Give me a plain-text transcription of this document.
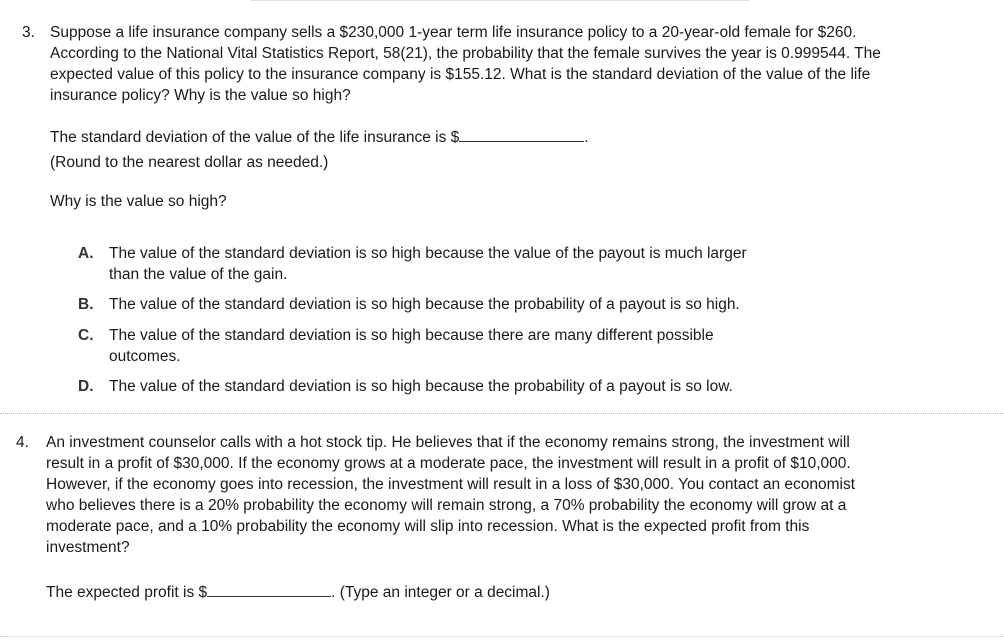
3. Suppose a life insurance company sells a $230,000 1-year term life insurance policy to a 20-year-old female for $260.
According to the National Vital Statistics Report, 58(21), the probability that the female survives the year is 0.999544. The
expected value of this policy to the insurance company is $155.12. What is the standard deviation of the value of the life
insurance policy? Why is the value so high?
The standard deviation of the value of the life insurance is $	.
(Round to the nearest dollar as needed.)
Why is the value so high?
A. The value of the standard deviation is so high because the value of the payout is much larger
than the value of the gain.
B. The value of the standard deviation is so high because the probability of a payout is so high.
C. The value of the standard deviation is so high because there are many different possible
outcomes.
D. The value of the standard deviation is so high because the probability of a payout is so low.
4. An investment counselor calls with a hot stock tip. He believes that if the economy remains strong, the investment will
result in a profit of $30,000. If the economy grows at a moderate pace, the investment will result in a profit of $10,000.
However, if the economy goes into recession, the investment will result in a loss of $30,000. You contact an economist
who believes there is a 20% probability the economy will remain strong, a 70% probability the economy will grow at a
moderate pace, and a 10% probability the economy will slip into recession. What is the expected profit from this
investment?
The expected profit is $	. (Type an integer or a decimal.)
